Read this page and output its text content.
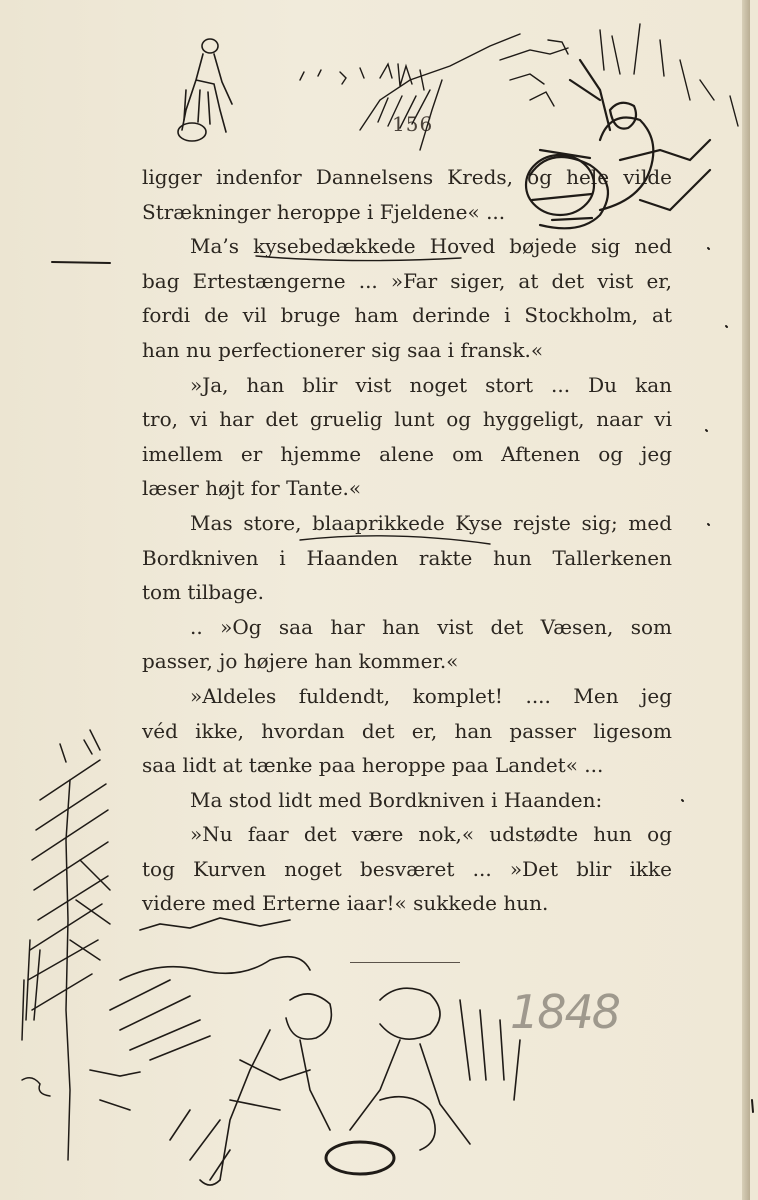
156
ligger indenfor Dannelsens Kreds, og hele vilde
Strækninger heroppe i Fjeldene« ...
Ma’s kysebedækkede Hoved bøjede sig ned
bag Ertestængerne ... »Far siger, at det vist er,
fordi de vil bruge ham derinde i Stockholm, at
han nu perfectionerer sig saa i fransk.«
»Ja, han blir vist noget stort ... Du kan
tro, vi har det gruelig lunt og hyggeligt, naar vi
imellem er hjemme alene om Aftenen og jeg
læser højt for Tante.«
Mas store, blaaprikkede Kyse rejste sig; med
Bordkniven i Haanden rakte hun Tallerkenen
tom tilbage.
.. »Og saa har han vist det Væsen, som
passer, jo højere han kommer.«
»Aldeles fuldendt, komplet! .... Men jeg
véd ikke, hvordan det er, han passer ligesom
saa lidt at tænke paa heroppe paa Landet« ...
Ma stod lidt med Bordkniven i Haanden:
»Nu faar det være nok,« udstødte hun og
tog Kurven noget besværet ... »Det blir ikke
videre med Erterne iaar!« sukkede hun.
1848
